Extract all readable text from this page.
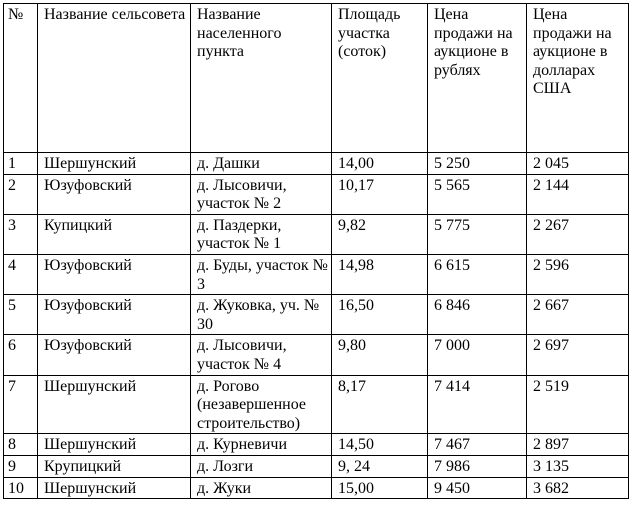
№	Название сельсовета	Название населенного пункта	Площадь участка (соток)	Цена продажи на аукционе в рублях	Цена продажи на аукционе в долларах США
1	Шершунский	д. Дашки	14,00	5 250	2 045
2	Юзуфовский	д. Лысовичи, участок № 2	10,17	5 565	2 144
3	Купицкий	д. Паздерки, участок № 1	9,82	5 775	2 267
4	Юзуфовский	д. Буды, участок № 3	14,98	6 615	2 596
5	Юзуфовский	д. Жуковка, уч. № 30	16,50	6 846	2 667
6	Юзуфовский	д. Лысовичи, участок № 4	9,80	7 000	2 697
7	Шершунский	д. Рогово (незавершенное строительство)	8,17	7 414	2 519
8	Шершунский	д. Курневичи	14,50	7 467	2 897
9	Крупицкий	д. Лозги	9, 24	7 986	3 135
10	Шершунский	д. Жуки	15,00	9 450	3 682
